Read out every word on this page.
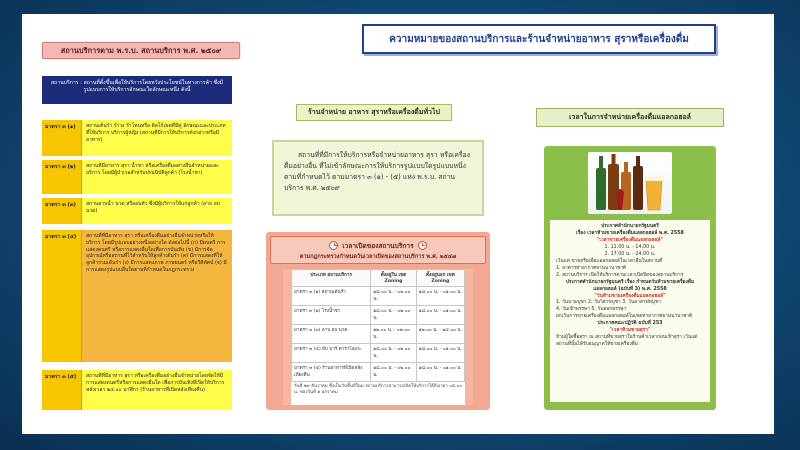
ความหมายของสถานบริการและร้านจำหน่ายอาหาร สุราหรือเครื่องดื่ม
สถานบริการตาม พ.ร.บ. สถานบริการ พ.ศ. ๒๕๐๙
สถานบริการ : สถานที่ตั้งขึ้นเพื่อให้บริการโดยหวังประโยชน์ในทางการค้า ซึ่งมีรูปแบบการให้บริการลักษณะใดลักษณะหนึ่ง ดังนี้
มาตรา ๓ (๑)	สถานเต้นรำ รำวง รำโทนหรือ ดิสโก้เธคที่มีคู่ ลักษณะและประเภทที่ให้บริการ บริการผู้หญิง (สถานที่มีการให้บริการดังกล่าวหรือมีอาหาร)
มาตรา ๓ (๒)	สถานที่มีอาหาร สุรา น้ำชา หรือเครื่องดื่มอย่างอื่นจำหน่ายและบริการ โดยมีผู้บำเรอสำหรับปรนนิบัติลูกค้า (โรงน้ำชา)
มาตรา ๓ (๓)	สถานอาบน้ำ นวด หรืออบตัว ซึ่งมีผู้บริการให้แก่ลูกค้า (อาบ อบ นวด)
มาตรา ๓ (๔)	สถานที่ที่มีอาหาร สุรา หรือเครื่องดื่มอย่างอื่นจำหน่ายหรือให้บริการ โดยมีรูปแบบอย่างหนึ่งอย่างใด ดังต่อไปนี้ (ก) มีดนตรี การแสดงดนตรี หรือการแสดงอื่นใดเพื่อการบันเทิง (ข) มีการจัดอุปกรณ์หรือสถานที่ไว้สำหรับให้ลูกค้าเต้นรำ (ค) มีการแสดงที่ให้ลูกค้าร่วมเต้นรำ (ง) มีการแสดงภาพ ภาพยนตร์ หรือวีดิทัศน์ (จ) มีการแสดงรูปแบบอื่นใดตามที่กำหนดในกฎกระทรวง
มาตรา ๓ (๕)	สถานที่ที่มีอาหาร สุรา หรือเครื่องดื่มอย่างอื่นจำหน่ายโดยจัดให้มีการแสดงดนตรีหรือการแสดงอื่นใด เพื่อการบันเทิงที่เปิดให้บริการหลังเวลา ๒๔.๐๐ นาฬิกา (ร้านอาหารที่เปิดหลังเที่ยงคืน)
ร้านจำหน่าย อาหาร สุราหรือเครื่องดื่มทั่วไป
สถานที่ที่มีการให้บริการหรือจำหน่ายอาหาร สุรา หรือเครื่องดื่มอย่างอื่น ที่ไม่เข้าลักษณะการให้บริการรูปแบบใดรูปแบบหนึ่งตามที่กำหนดไว้ ตามมาตรา ๓ (๑) - (๕) แห่ง พ.ร.บ. สถานบริการ พ.ศ. ๒๕๐๙
เวลาเปิดของสถานบริการ
ตามกฎกระทรวงกำหนดวันเวลาเปิดของสถานบริการ พ.ศ. ๒๕๔๗
ประเภท สถานบริการ	ตั้งอยู่ใน เขต Zoning	ตั้งอยู่นอก เขต Zoning
มาตรา ๓ (๑) สถานเต้นรำ	๑๘.๐๐ น. - ๐๒.๐๐ น.	๑๘.๐๐ น. - ๐๑.๐๐ น.
มาตรา ๓ (๒) โรงน้ำชา	๑๘.๐๐ น. - ๐๒.๐๐ น.	๑๘.๐๐ น. - ๐๑.๐๐ น.
มาตรา ๓ (๓) อาบ อบ นวด	๑๒.๐๐ น. - ๐๒.๐๐ น.	๑๒.๐๐ น. - ๒๔.๐๐ น.
มาตรา ๓ (๔) ผับ บาร์ คาราโอเกะ	๑๘.๐๐ น. - ๐๒.๐๐ น.	๑๘.๐๐ น. - ๐๑.๐๐ น.
มาตรา ๓ (๕) ร้านอาหารที่เปิดหลังเที่ยงคืน	๑๘.๐๐ น. - ๐๒.๐๐ น.	๑๘.๐๐ น. - ๐๑.๐๐ น.
วันที่ ๒๙ ธันวาคม ซึ่งเป็นวันขึ้นปีใหม่ สถานบริการสามารถเปิดให้บริการได้ถึงเวลา ๐๔.๐๐ น. ของวันที่ ๑ มกราคม
เวลาในการจำหน่ายเครื่องดื่มแอลกอฮอล์
ประกาศสำนักนายกรัฐมนตรี
เรื่อง เวลาห้ามขายเครื่องดื่มแอลกอฮอล์ พ.ศ. 2558
"เวลาขายเครื่องดื่มแอลกอฮอล์"
1. 11.00 น. - 14.00 น.
2. 17.00 น. - 24.00 น.
เว้นแต่ ขายหรือเพื่อแอลกอฮอล์ในเวลาอื่นในสถานที่
1. อาคารท่าอากาศยานนานาชาติ
2. สถานบริการ เปิดให้บริการตามเวลาเปิดปิดของสถานบริการ
ประกาศสำนักนายกรัฐมนตรี เรื่อง กำหนดวันห้ามขายเครื่องดื่มแอลกอฮอล์ (ฉบับที่ 3) พ.ศ. 2558
"วันห้ามขายเครื่องดื่มแอลกอฮอล์"
1. วันมาฆบูชา 2. วันวิสาขบูชา 3. วันอาสาฬหบูชา
4. วันเข้าพรรษา 5. วันออกพรรษา
ยกเว้นการขายเครื่องดื่มแอลกอฮอล์ในเขตท่าอากาศยานนานาชาติ
ประกาศคณะปฏิวัติ ฉบับที่ 253
"เวลาห้ามขายสุรา"
ห้ามผู้ใดซื้อสุรา ณ สถานที่ขายสุราในร้านค้าเวลาก่อนเข้าสุรา เว้นแต่ สถานที่นั้นได้รับอนุญาตให้ขายเครื่องดื่ม
